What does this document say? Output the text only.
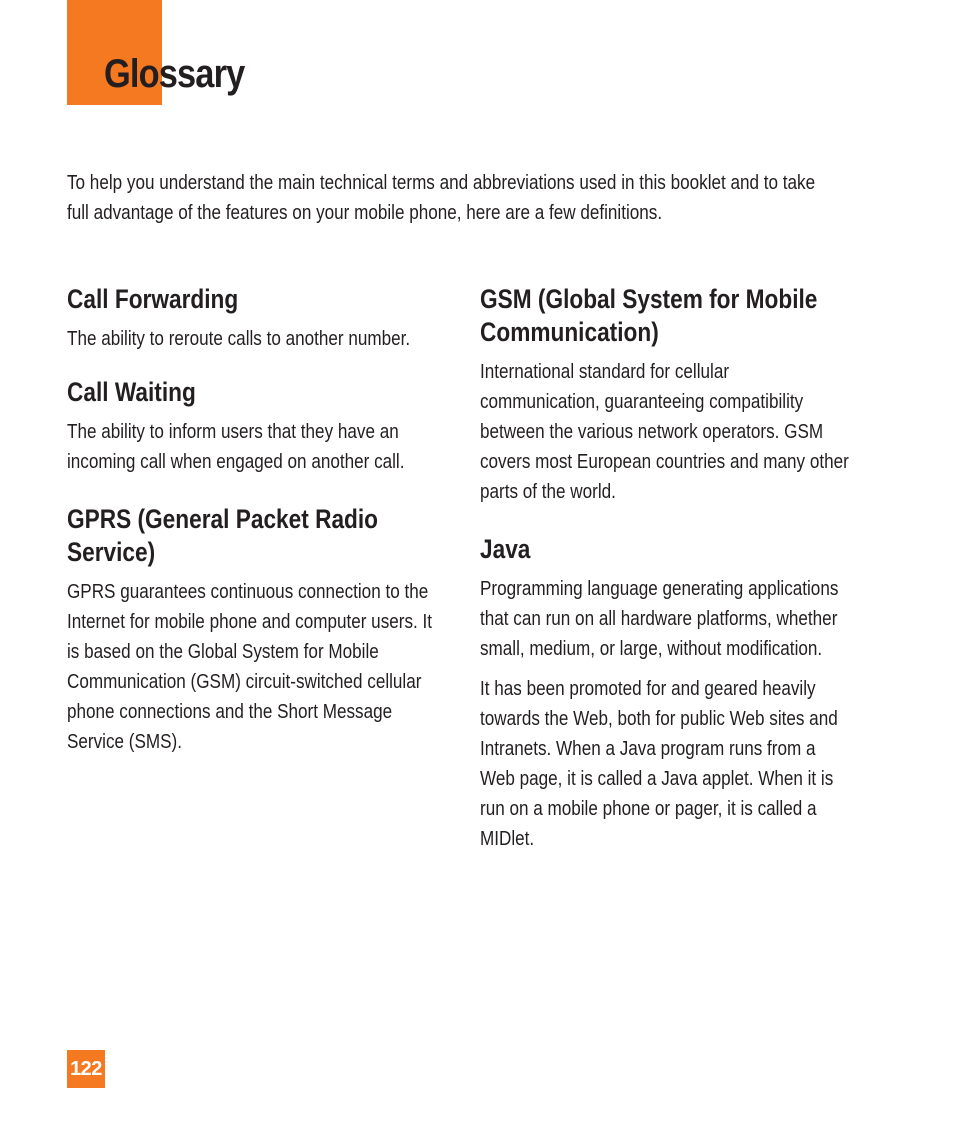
Glossary

To help you understand the main technical terms and abbreviations used in this booklet and to take full advantage of the features on your mobile phone, here are a few definitions.

Call Forwarding

The ability to reroute calls to another number.

Call Waiting

The ability to inform users that they have an incoming call when engaged on another call.

GPRS (General Packet Radio Service)

GPRS guarantees continuous connection to the Internet for mobile phone and computer users. It is based on the Global System for Mobile Communication (GSM) circuit-switched cellular phone connections and the Short Message Service (SMS).

GSM (Global System for Mobile Communication)

International standard for cellular communication, guaranteeing compatibility between the various network operators. GSM covers most European countries and many other parts of the world.

Java

Programming language generating applications that can run on all hardware platforms, whether small, medium, or large, without modification.

It has been promoted for and geared heavily towards the Web, both for public Web sites and Intranets. When a Java program runs from a Web page, it is called a Java applet. When it is run on a mobile phone or pager, it is called a MIDlet.

122
